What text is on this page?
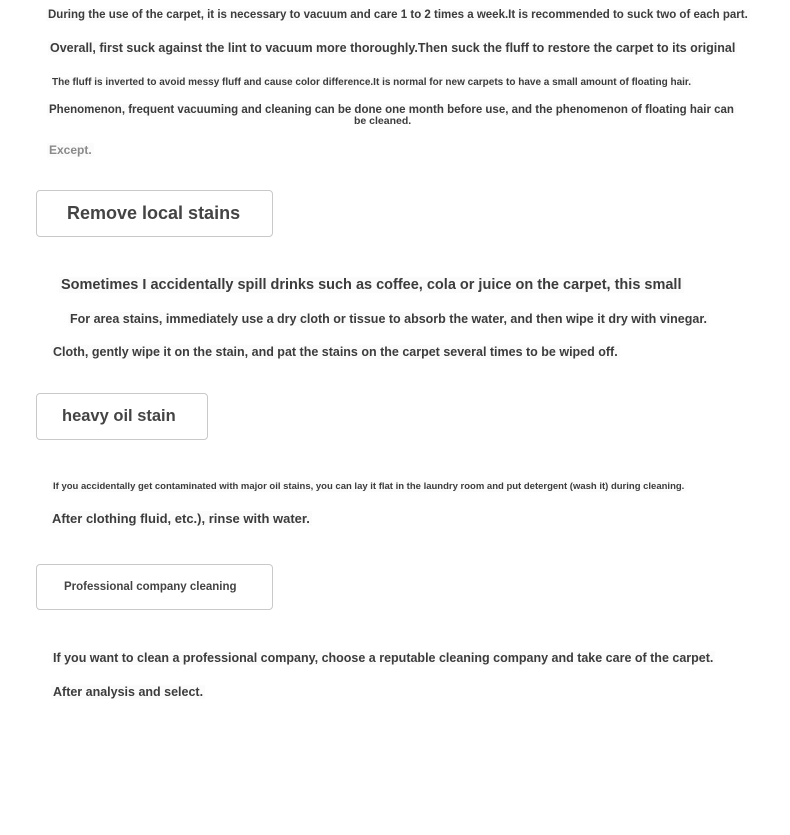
During the use of the carpet, it is necessary to vacuum and care 1 to 2 times a week.It is recommended to suck two of each part.
Overall, first suck against the lint to vacuum more thoroughly.Then suck the fluff to restore the carpet to its original
The fluff is inverted to avoid messy fluff and cause color difference.It is normal for new carpets to have a small amount of floating hair.
Phenomenon, frequent vacuuming and cleaning can be done one month before use, and the phenomenon of floating hair can
be cleaned.
Except.
Remove local stains
Sometimes I accidentally spill drinks such as coffee, cola or juice on the carpet, this small
For area stains, immediately use a dry cloth or tissue to absorb the water, and then wipe it dry with vinegar.
Cloth, gently wipe it on the stain, and pat the stains on the carpet several times to be wiped off.
heavy oil stain
If you accidentally get contaminated with major oil stains, you can lay it flat in the laundry room and put detergent (wash it) during cleaning.
After clothing fluid, etc.), rinse with water.
Professional company cleaning
If you want to clean a professional company, choose a reputable cleaning company and take care of the carpet.
After analysis and select.
